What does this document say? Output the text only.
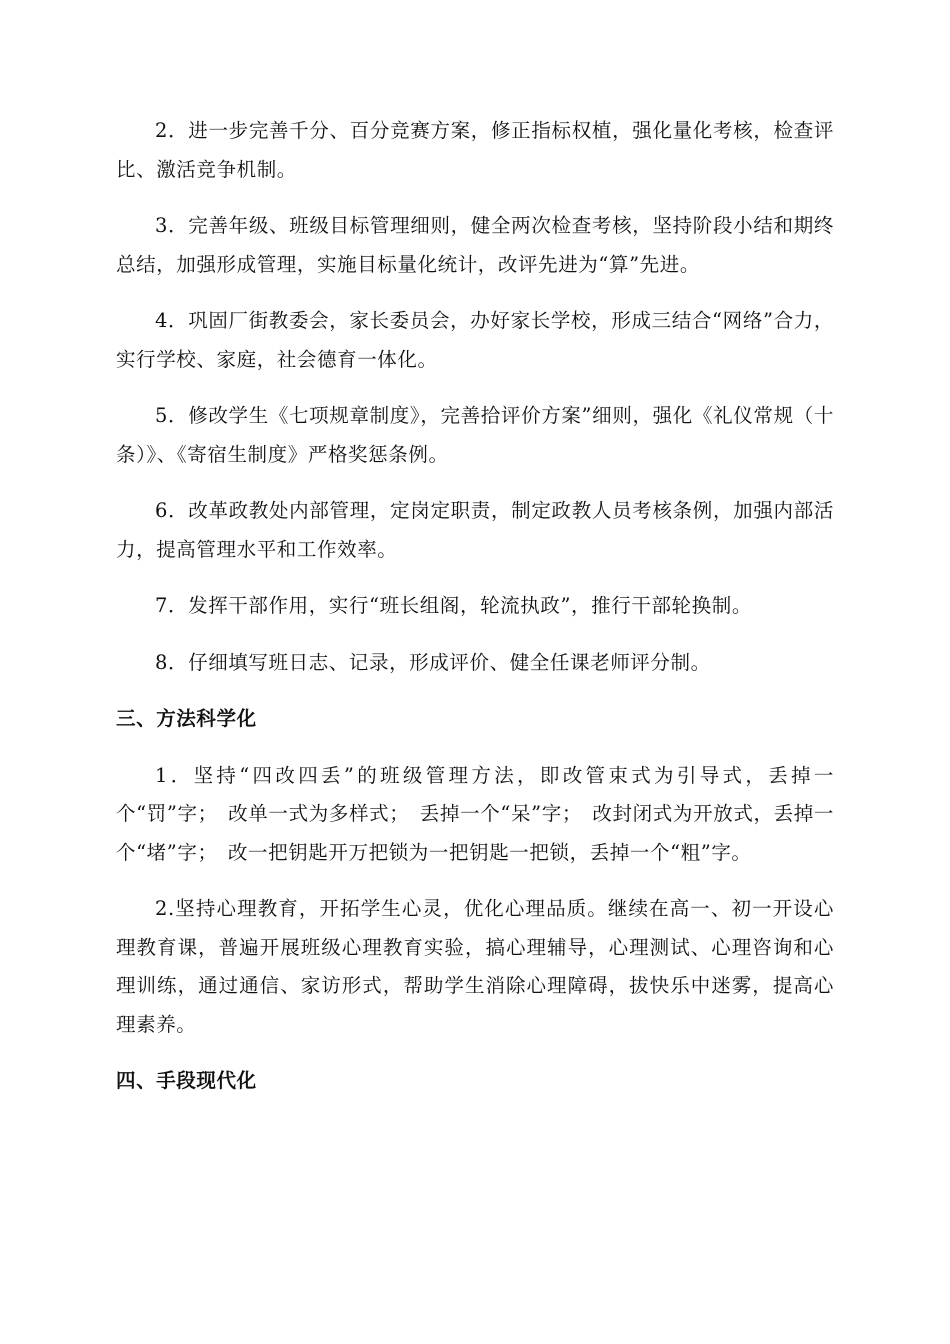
2．进一步完善千分、百分竞赛方案，修正指标权植，强化量化考核，检查评比、激活竞争机制。

3．完善年级、班级目标管理细则，健全两次检查考核，坚持阶段小结和期终总结，加强形成管理，实施目标量化统计，改评先进为“算”先进。

4．巩固厂街教委会，家长委员会，办好家长学校，形成三结合“网络”合力，实行学校、家庭，社会德育一体化。

5．修改学生《七项规章制度》，完善拾评价方案”细则，强化《礼仪常规（十条）》、《寄宿生制度》严格奖惩条例。

6．改革政教处内部管理，定岗定职责，制定政教人员考核条例，加强内部活力，提高管理水平和工作效率。

7．发挥干部作用，实行“班长组阁，轮流执政”，推行干部轮换制。

8．仔细填写班日志、记录，形成评价、健全任课老师评分制。

三、方法科学化

1．坚持“四改四丢”的班级管理方法，即改管束式为引导式，丢掉一个“罚”字；　改单一式为多样式；　丢掉一个“呆”字；　改封闭式为开放式，丢掉一个“堵”字；　改一把钥匙开万把锁为一把钥匙一把锁，丢掉一个“粗”字。

2.坚持心理教育，开拓学生心灵，优化心理品质。继续在高一、初一开设心理教育课，普遍开展班级心理教育实验，搞心理辅导，心理测试、心理咨询和心理训练，通过通信、家访形式，帮助学生消除心理障碍，拔快乐中迷雾，提高心理素养。

四、手段现代化
